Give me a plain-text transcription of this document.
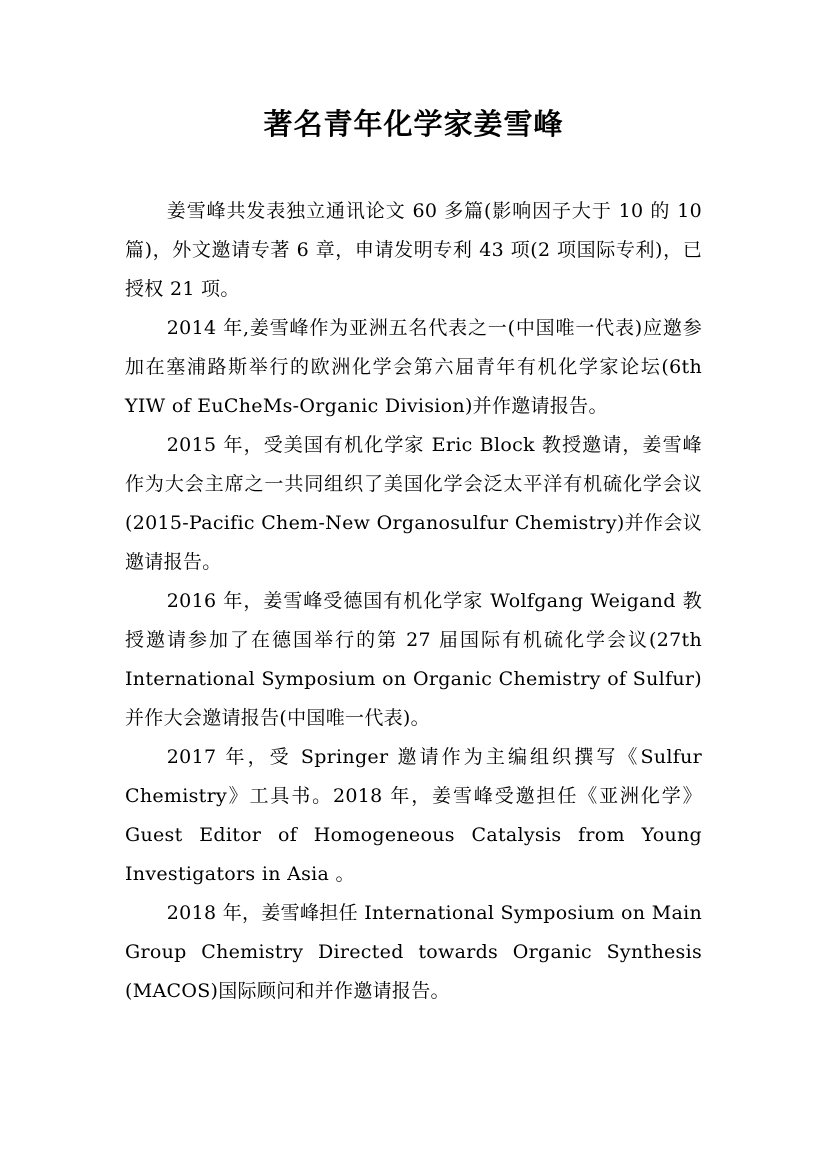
著名青年化学家姜雪峰

姜雪峰共发表独立通讯论文 60 多篇(影响因子大于 10 的 10 篇)，外文邀请专著 6 章，申请发明专利 43 项(2 项国际专利)，已授权 21 项。

2014 年,姜雪峰作为亚洲五名代表之一(中国唯一代表)应邀参加在塞浦路斯举行的欧洲化学会第六届青年有机化学家论坛(6th YIW of EuCheMs-Organic Division)并作邀请报告。

2015 年，受美国有机化学家 Eric Block 教授邀请，姜雪峰作为大会主席之一共同组织了美国化学会泛太平洋有机硫化学会议(2015-Pacific Chem-New Organosulfur Chemistry)并作会议邀请报告。

2016 年，姜雪峰受德国有机化学家 Wolfgang Weigand 教授邀请参加了在德国举行的第 27 届国际有机硫化学会议(27th International Symposium on Organic Chemistry of Sulfur)并作大会邀请报告(中国唯一代表)。

2017 年，受 Springer 邀请作为主编组织撰写《Sulfur Chemistry》工具书。2018 年，姜雪峰受邀担任《亚洲化学》Guest Editor of Homogeneous Catalysis from Young Investigators in Asia 。

2018 年，姜雪峰担任 International Symposium on Main Group Chemistry Directed towards Organic Synthesis (MACOS)国际顾问和并作邀请报告。
